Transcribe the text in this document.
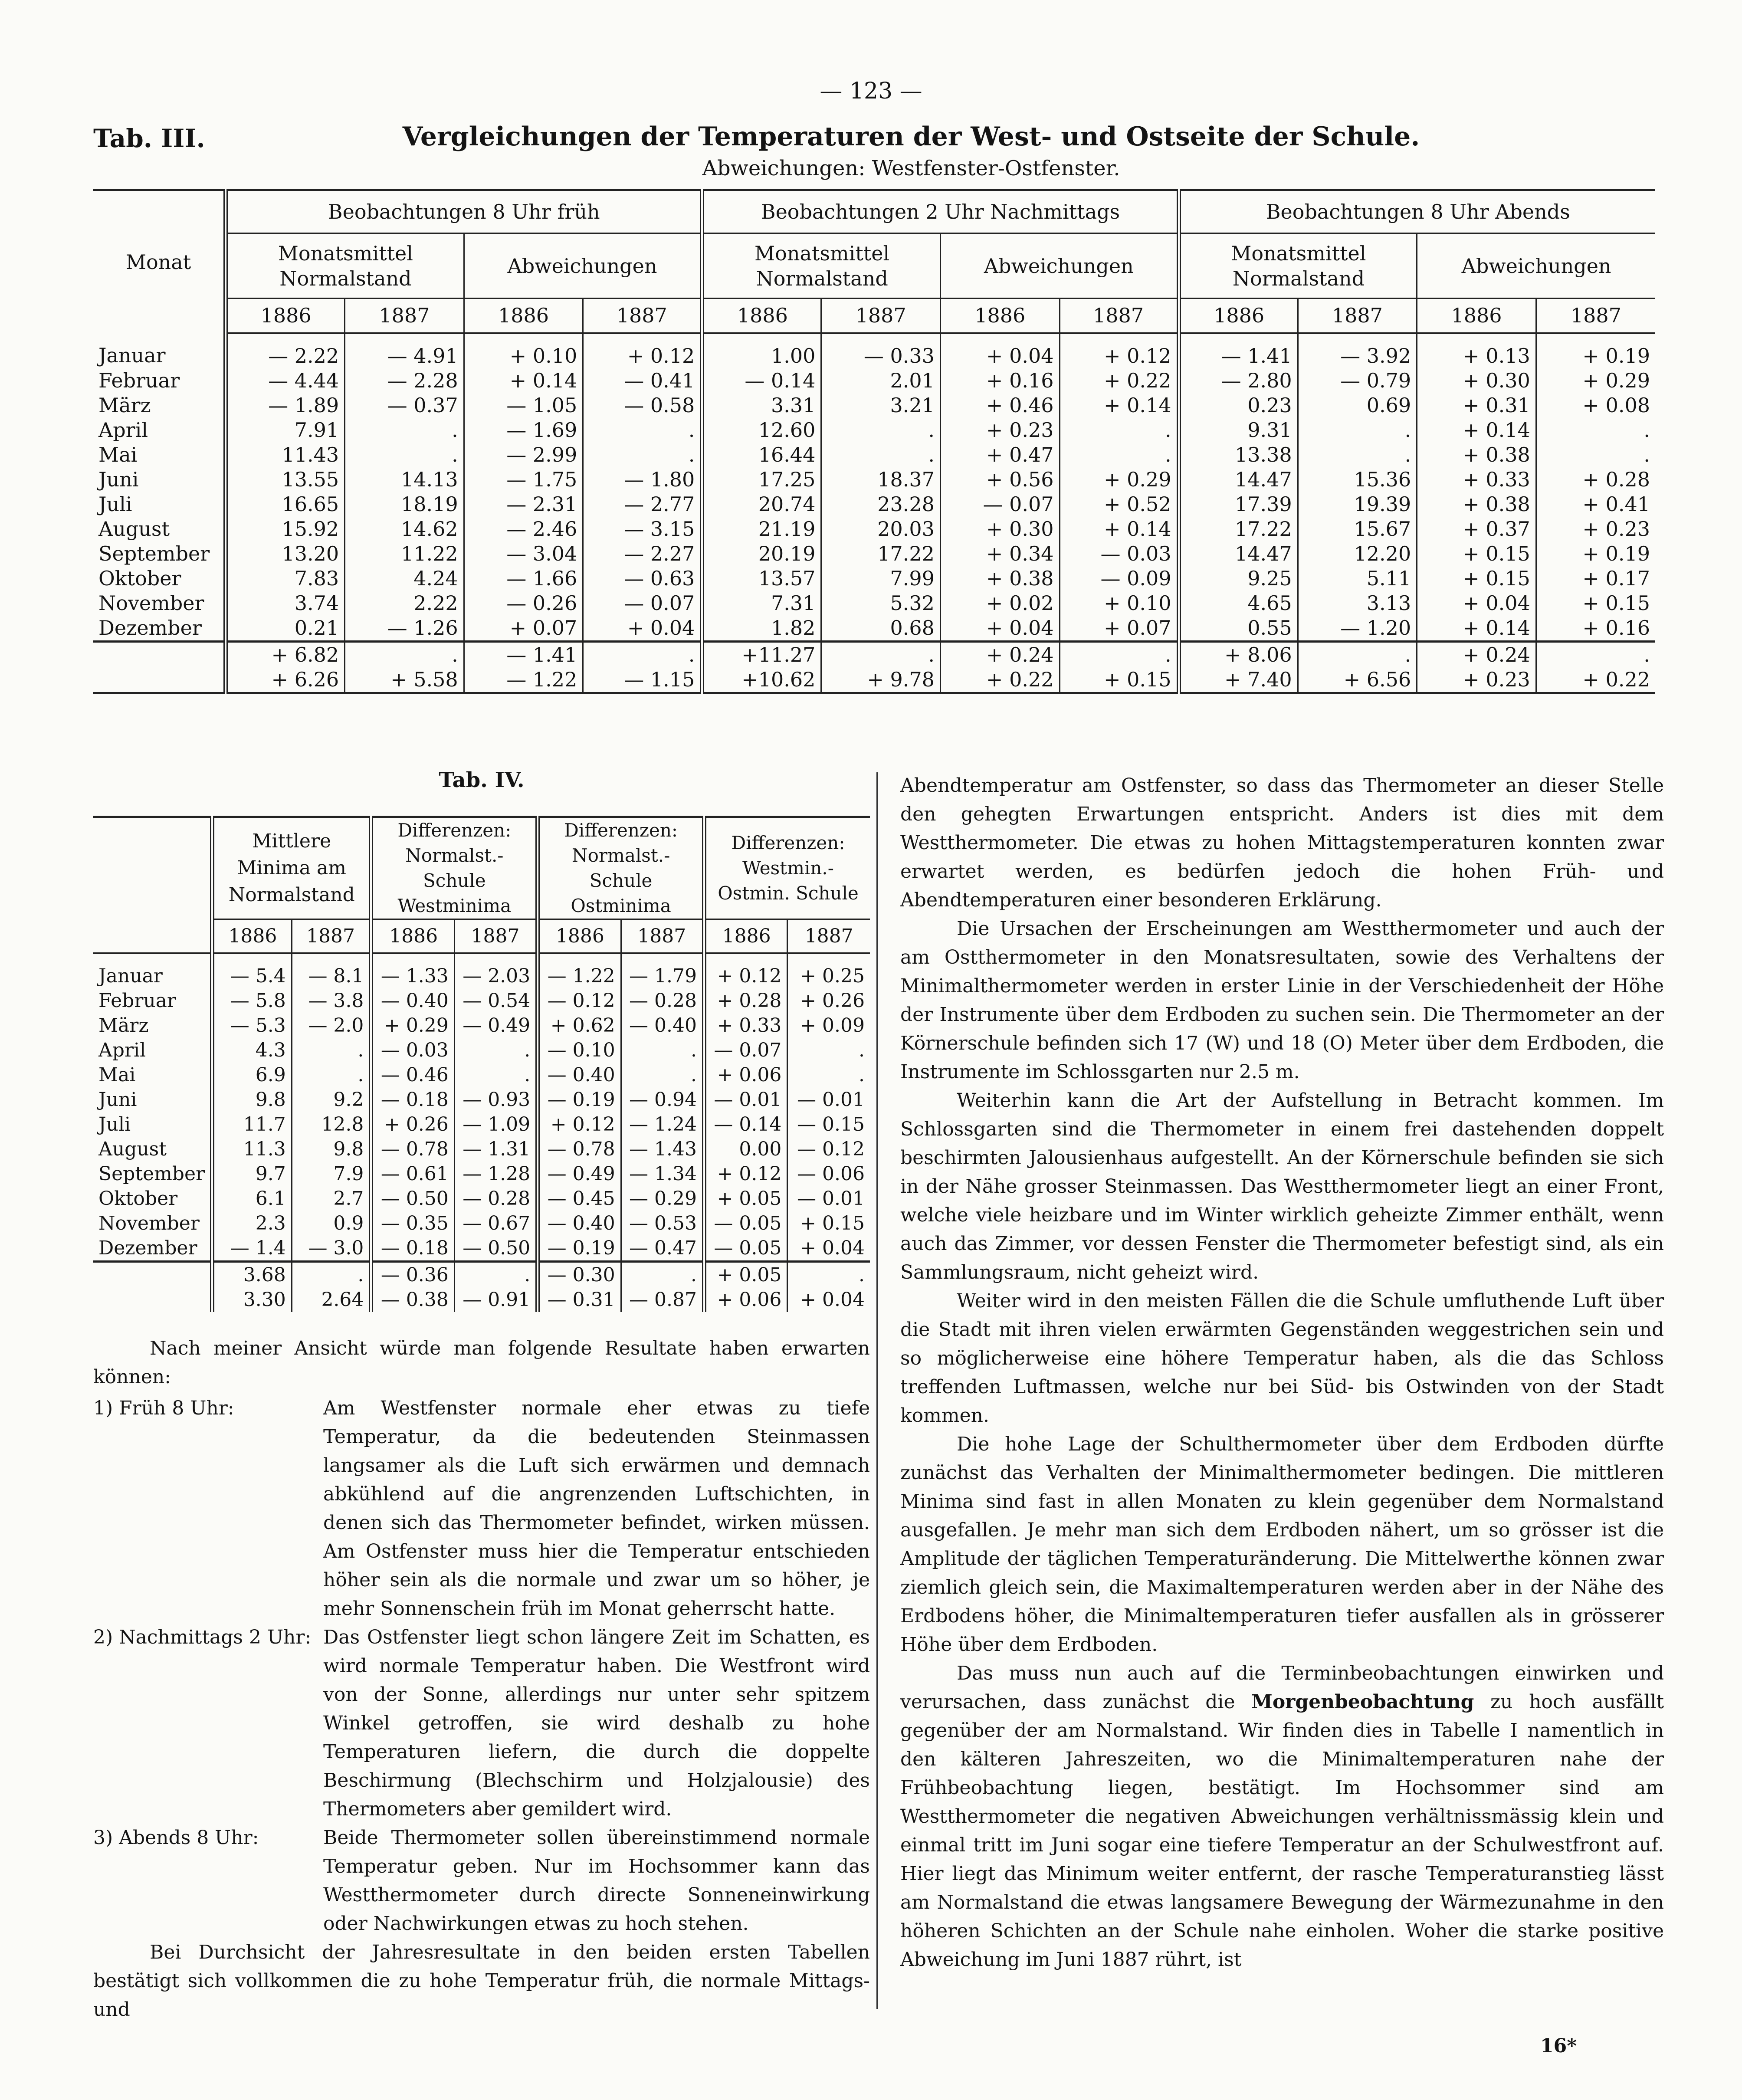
— 123 —
Tab. III.	Vergleichungen der Temperaturen der West- und Ostseite der Schule.
Abweichungen: Westfenster-Ostfenster.
Monat	Beobachtungen 8 Uhr früh				Beobachtungen 2 Uhr Nachmittags				Beobachtungen 8 Uhr Abends			
	Monatsmittel Normalstand		Abweichungen		Monatsmittel Normalstand		Abweichungen		Monatsmittel Normalstand		Abweichungen	
	1886	1887	1886	1887	1886	1887	1886	1887	1886	1887	1886	1887
Januar	— 2.22	— 4.91	+ 0.10	+ 0.12	1.00	— 0.33	+ 0.04	+ 0.12	— 1.41	— 3.92	+ 0.13	+ 0.19
Februar	— 4.44	— 2.28	+ 0.14	— 0.41	— 0.14	2.01	+ 0.16	+ 0.22	— 2.80	— 0.79	+ 0.30	+ 0.29
März	— 1.89	— 0.37	— 1.05	— 0.58	3.31	3.21	+ 0.46	+ 0.14	0.23	0.69	+ 0.31	+ 0.08
April	7.91	.	— 1.69	.	12.60	.	+ 0.23	.	9.31	.	+ 0.14	.
Mai	11.43	.	— 2.99	.	16.44	.	+ 0.47	.	13.38	.	+ 0.38	.
Juni	13.55	14.13	— 1.75	— 1.80	17.25	18.37	+ 0.56	+ 0.29	14.47	15.36	+ 0.33	+ 0.28
Juli	16.65	18.19	— 2.31	— 2.77	20.74	23.28	— 0.07	+ 0.52	17.39	19.39	+ 0.38	+ 0.41
August	15.92	14.62	— 2.46	— 3.15	21.19	20.03	+ 0.30	+ 0.14	17.22	15.67	+ 0.37	+ 0.23
September	13.20	11.22	— 3.04	— 2.27	20.19	17.22	+ 0.34	— 0.03	14.47	12.20	+ 0.15	+ 0.19
Oktober	7.83	4.24	— 1.66	— 0.63	13.57	7.99	+ 0.38	— 0.09	9.25	5.11	+ 0.15	+ 0.17
November	3.74	2.22	— 0.26	— 0.07	7.31	5.32	+ 0.02	+ 0.10	4.65	3.13	+ 0.04	+ 0.15
Dezember	0.21	— 1.26	+ 0.07	+ 0.04	1.82	0.68	+ 0.04	+ 0.07	0.55	— 1.20	+ 0.14	+ 0.16
	+ 6.82	.	— 1.41	.	+11.27	.	+ 0.24	.	+ 8.06	.	+ 0.24	.
	+ 6.26	+ 5.58	— 1.22	— 1.15	+10.62	+ 9.78	+ 0.22	+ 0.15	+ 7.40	+ 6.56	+ 0.23	+ 0.22
Tab. IV.
	Mittlere Minima am Normalstand		Differenzen: Normalst.-Schule Westminima		Differenzen: Normalst.-Schule Ostminima		Differenzen: Westmin.-Ostmin. Schule	
	1886	1887	1886	1887	1886	1887	1886	1887
Januar	— 5.4	— 8.1	— 1.33	— 2.03	— 1.22	— 1.79	+ 0.12	+ 0.25
Februar	— 5.8	— 3.8	— 0.40	— 0.54	— 0.12	— 0.28	+ 0.28	+ 0.26
März	— 5.3	— 2.0	+ 0.29	— 0.49	+ 0.62	— 0.40	+ 0.33	+ 0.09
April	4.3	.	— 0.03	.	— 0.10	.	— 0.07	.
Mai	6.9	.	— 0.46	.	— 0.40	.	+ 0.06	.
Juni	9.8	9.2	— 0.18	— 0.93	— 0.19	— 0.94	— 0.01	— 0.01
Juli	11.7	12.8	+ 0.26	— 1.09	+ 0.12	— 1.24	— 0.14	— 0.15
August	11.3	9.8	— 0.78	— 1.31	— 0.78	— 1.43	0.00	— 0.12
September	9.7	7.9	— 0.61	— 1.28	— 0.49	— 1.34	+ 0.12	— 0.06
Oktober	6.1	2.7	— 0.50	— 0.28	— 0.45	— 0.29	+ 0.05	— 0.01
November	2.3	0.9	— 0.35	— 0.67	— 0.40	— 0.53	— 0.05	+ 0.15
Dezember	— 1.4	— 3.0	— 0.18	— 0.50	— 0.19	— 0.47	— 0.05	+ 0.04
	3.68	.	— 0.36	.	— 0.30	.	+ 0.05	.
	3.30	2.64	— 0.38	— 0.91	— 0.31	— 0.87	+ 0.06	+ 0.04

Nach meiner Ansicht würde man folgende Resultate haben erwarten können:

1) Früh 8 Uhr:	Am Westfenster normale eher etwas zu tiefe Temperatur, da die bedeutenden Steinmassen langsamer als die Luft sich erwärmen und demnach abkühlend auf die angrenzenden Luftschichten, in denen sich das Thermometer befindet, wirken müssen. Am Ostfenster muss hier die Temperatur entschieden höher sein als die normale und zwar um so höher, je mehr Sonnenschein früh im Monat geherrscht hatte.
2) Nachmittags 2 Uhr: Das Ostfenster liegt schon längere Zeit im Schatten, es wird normale Temperatur haben. Die Westfront wird von der Sonne, allerdings nur unter sehr spitzem Winkel getroffen, sie wird deshalb zu hohe Temperaturen liefern, die durch die doppelte Beschirmung (Blechschirm und Holzjalousie) des Thermometers aber gemildert wird.
3) Abends 8 Uhr:	Beide Thermometer sollen übereinstimmend normale Temperatur geben. Nur im Hochsommer kann das Westthermometer durch directe Sonneneinwirkung oder Nachwirkungen etwas zu hoch stehen.

Bei Durchsicht der Jahresresultate in den beiden ersten Tabellen bestätigt sich vollkommen die zu hohe Temperatur früh, die normale Mittags- und

Abendtemperatur am Ostfenster, so dass das Thermometer an dieser Stelle den gehegten Erwartungen entspricht. Anders ist dies mit dem Westthermometer. Die etwas zu hohen Mittagstemperaturen konnten zwar erwartet werden, es bedürfen jedoch die hohen Früh- und Abendtemperaturen einer besonderen Erklärung.

Die Ursachen der Erscheinungen am Westthermometer und auch der am Ostthermometer in den Monatsresultaten, sowie des Verhaltens der Minimalthermometer werden in erster Linie in der Verschiedenheit der Höhe der Instrumente über dem Erdboden zu suchen sein. Die Thermometer an der Körnerschule befinden sich 17 (W) und 18 (O) Meter über dem Erdboden, die Instrumente im Schlossgarten nur 2.5 m.

Weiterhin kann die Art der Aufstellung in Betracht kommen. Im Schlossgarten sind die Thermometer in einem frei dastehenden doppelt beschirmten Jalousienhaus aufgestellt. An der Körnerschule befinden sie sich in der Nähe grosser Steinmassen. Das Westthermometer liegt an einer Front, welche viele heizbare und im Winter wirklich geheizte Zimmer enthält, wenn auch das Zimmer, vor dessen Fenster die Thermometer befestigt sind, als ein Sammlungsraum, nicht geheizt wird.

Weiter wird in den meisten Fällen die die Schule umfluthende Luft über die Stadt mit ihren vielen erwärmten Gegenständen weggestrichen sein und so möglicherweise eine höhere Temperatur haben, als die das Schloss treffenden Luftmassen, welche nur bei Süd- bis Ostwinden von der Stadt kommen.

Die hohe Lage der Schulthermometer über dem Erdboden dürfte zunächst das Verhalten der Minimalthermometer bedingen. Die mittleren Minima sind fast in allen Monaten zu klein gegenüber dem Normalstand ausgefallen. Je mehr man sich dem Erdboden nähert, um so grösser ist die Amplitude der täglichen Temperaturänderung. Die Mittelwerthe können zwar ziemlich gleich sein, die Maximaltemperaturen werden aber in der Nähe des Erdbodens höher, die Minimaltemperaturen tiefer ausfallen als in grösserer Höhe über dem Erdboden.

Das muss nun auch auf die Terminbeobachtungen einwirken und verursachen, dass zunächst die Morgenbeobachtung zu hoch ausfällt gegenüber der am Normalstand. Wir finden dies in Tabelle I namentlich in den kälteren Jahreszeiten, wo die Minimaltemperaturen nahe der Frühbeobachtung liegen, bestätigt. Im Hochsommer sind am Westthermometer die negativen Abweichungen verhältnissmässig klein und einmal tritt im Juni sogar eine tiefere Temperatur an der Schulwestfront auf. Hier liegt das Minimum weiter entfernt, der rasche Temperaturanstieg lässt am Normalstand die etwas langsamere Bewegung der Wärmezunahme in den höheren Schichten an der Schule nahe einholen. Woher die starke positive Abweichung im Juni 1887 rührt, ist

16*
